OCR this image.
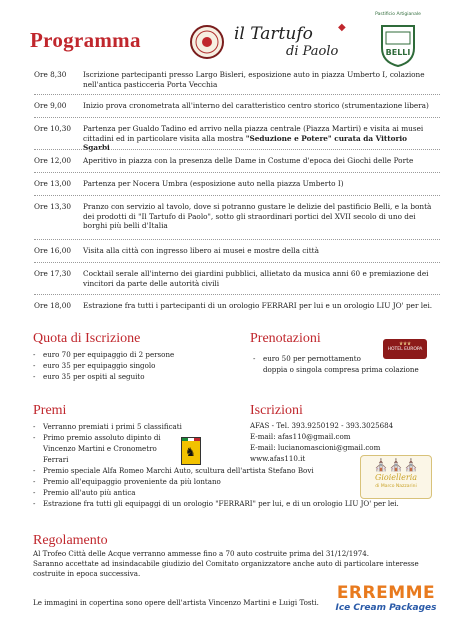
Programma	il Tartufo
di Paolo
◆
Pastificio Artigianale
BELLI
Ore 8,30	Iscrizione partecipanti presso Largo Bisleri, esposizione auto in piazza Umberto I, colazione nell'antica pasticceria Porta Vecchia
Ore 9,00	Inizio prova cronometrata all'interno del caratteristico centro storico (strumentazione libera)
Ore 10,30	Partenza per Gualdo Tadino ed arrivo nella piazza centrale (Piazza Martiri) e visita ai musei cittadini ed in particolare visita alla mostra "Seduzione e Potere" curata da Vittorio Sgarbi
Ore 12,00	Aperitivo in piazza con la presenza delle Dame in Costume d'epoca dei Giochi delle Porte
Ore 13,00	Partenza per Nocera Umbra (esposizione auto nella piazza Umberto I)
Ore 13,30	Pranzo con servizio al tavolo, dove si potranno gustare le delizie del pastificio Belli, e la bontà dei prodotti di "Il Tartufo di Paolo", sotto gli straordinari portici del XVII secolo di uno dei borghi più belli d'Italia
Ore 16,00	Visita alla città con ingresso libero ai musei e mostre della città
Ore 17,30	Cocktail serale all'interno dei giardini pubblici, allietato da musica anni 60 e premiazione dei vincitori da parte delle autorità civili
Ore 18,00	Estrazione fra tutti i partecipanti di un orologio FERRARI per lui e un orologio LIU JO' per lei.
Quota di Iscrizione
- euro 70 per equipaggio di 2 persone
- euro 35 per equipaggio singolo
- euro 35 per ospiti al seguito
Prenotazioni
- euro 50 per pernottamento
doppia o singola compresa prima colazione
♛♛♛
HOTEL EUROPA
Premi
- Verranno premiati i primi 5 classificati
- Primo premio assoluto dipinto di Vincenzo Martini e Cronometro Ferrari
- Premio speciale Alfa Romeo Marchi Auto, scultura dell'artista Stefano Bovi
- Premio all'equipaggio proveniente da più lontano
- Premio all'auto più antica
- Estrazione fra tutti gli equipaggi di un orologio "FERRARI" per lui, e di un orologio LIU JO' per lei.
♞
Iscrizioni
AFAS - Tel. 393.9250192 - 393.3025684
E-mail: afas110@gmail.com
E-mail: lucianomascioni@gmail.com
www.afas110.it	⛪⛪⛪
Gioielleria
di Marco Nazzarini
Regolamento
Al Trofeo Città delle Acque verranno ammesse fino a 70 auto costruite prima del 31/12/1974.
Saranno accettate ad insindacabile giudizio del Comitato organizzatore anche auto di particolare interesse
costruite in epoca successiva.
Le immagini in copertina sono opere dell'artista Vincenzo Martini e Luigi Tosti.	ERREMME
Ice Cream Packages
